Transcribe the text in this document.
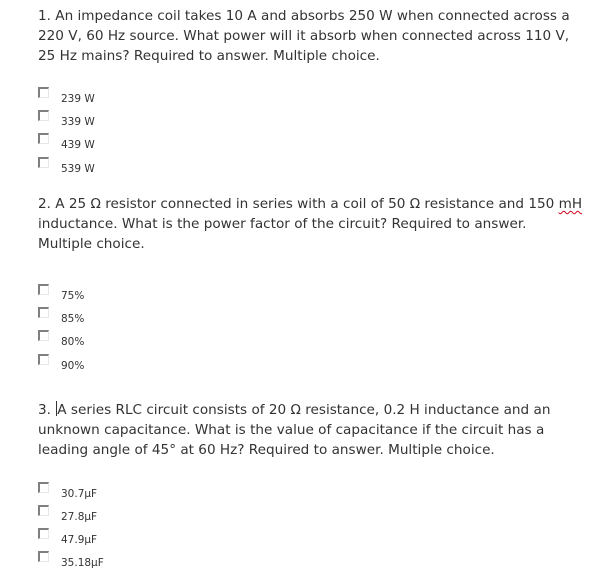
1. An impedance coil takes 10 A and absorbs 250 W when connected across a 220 V, 60 Hz source. What power will it absorb when connected across 110 V, 25 Hz mains? Required to answer. Multiple choice.
239 W
339 W
439 W
539 W
2. A 25 Ω resistor connected in series with a coil of 50 Ω resistance and 150 mH inductance. What is the power factor of the circuit? Required to answer. Multiple choice.
75%
85%
80%
90%
3. A series RLC circuit consists of 20 Ω resistance, 0.2 H inductance and an unknown capacitance. What is the value of capacitance if the circuit has a leading angle of 45° at 60 Hz? Required to answer. Multiple choice.
30.7μF
27.8μF
47.9μF
35.18μF
